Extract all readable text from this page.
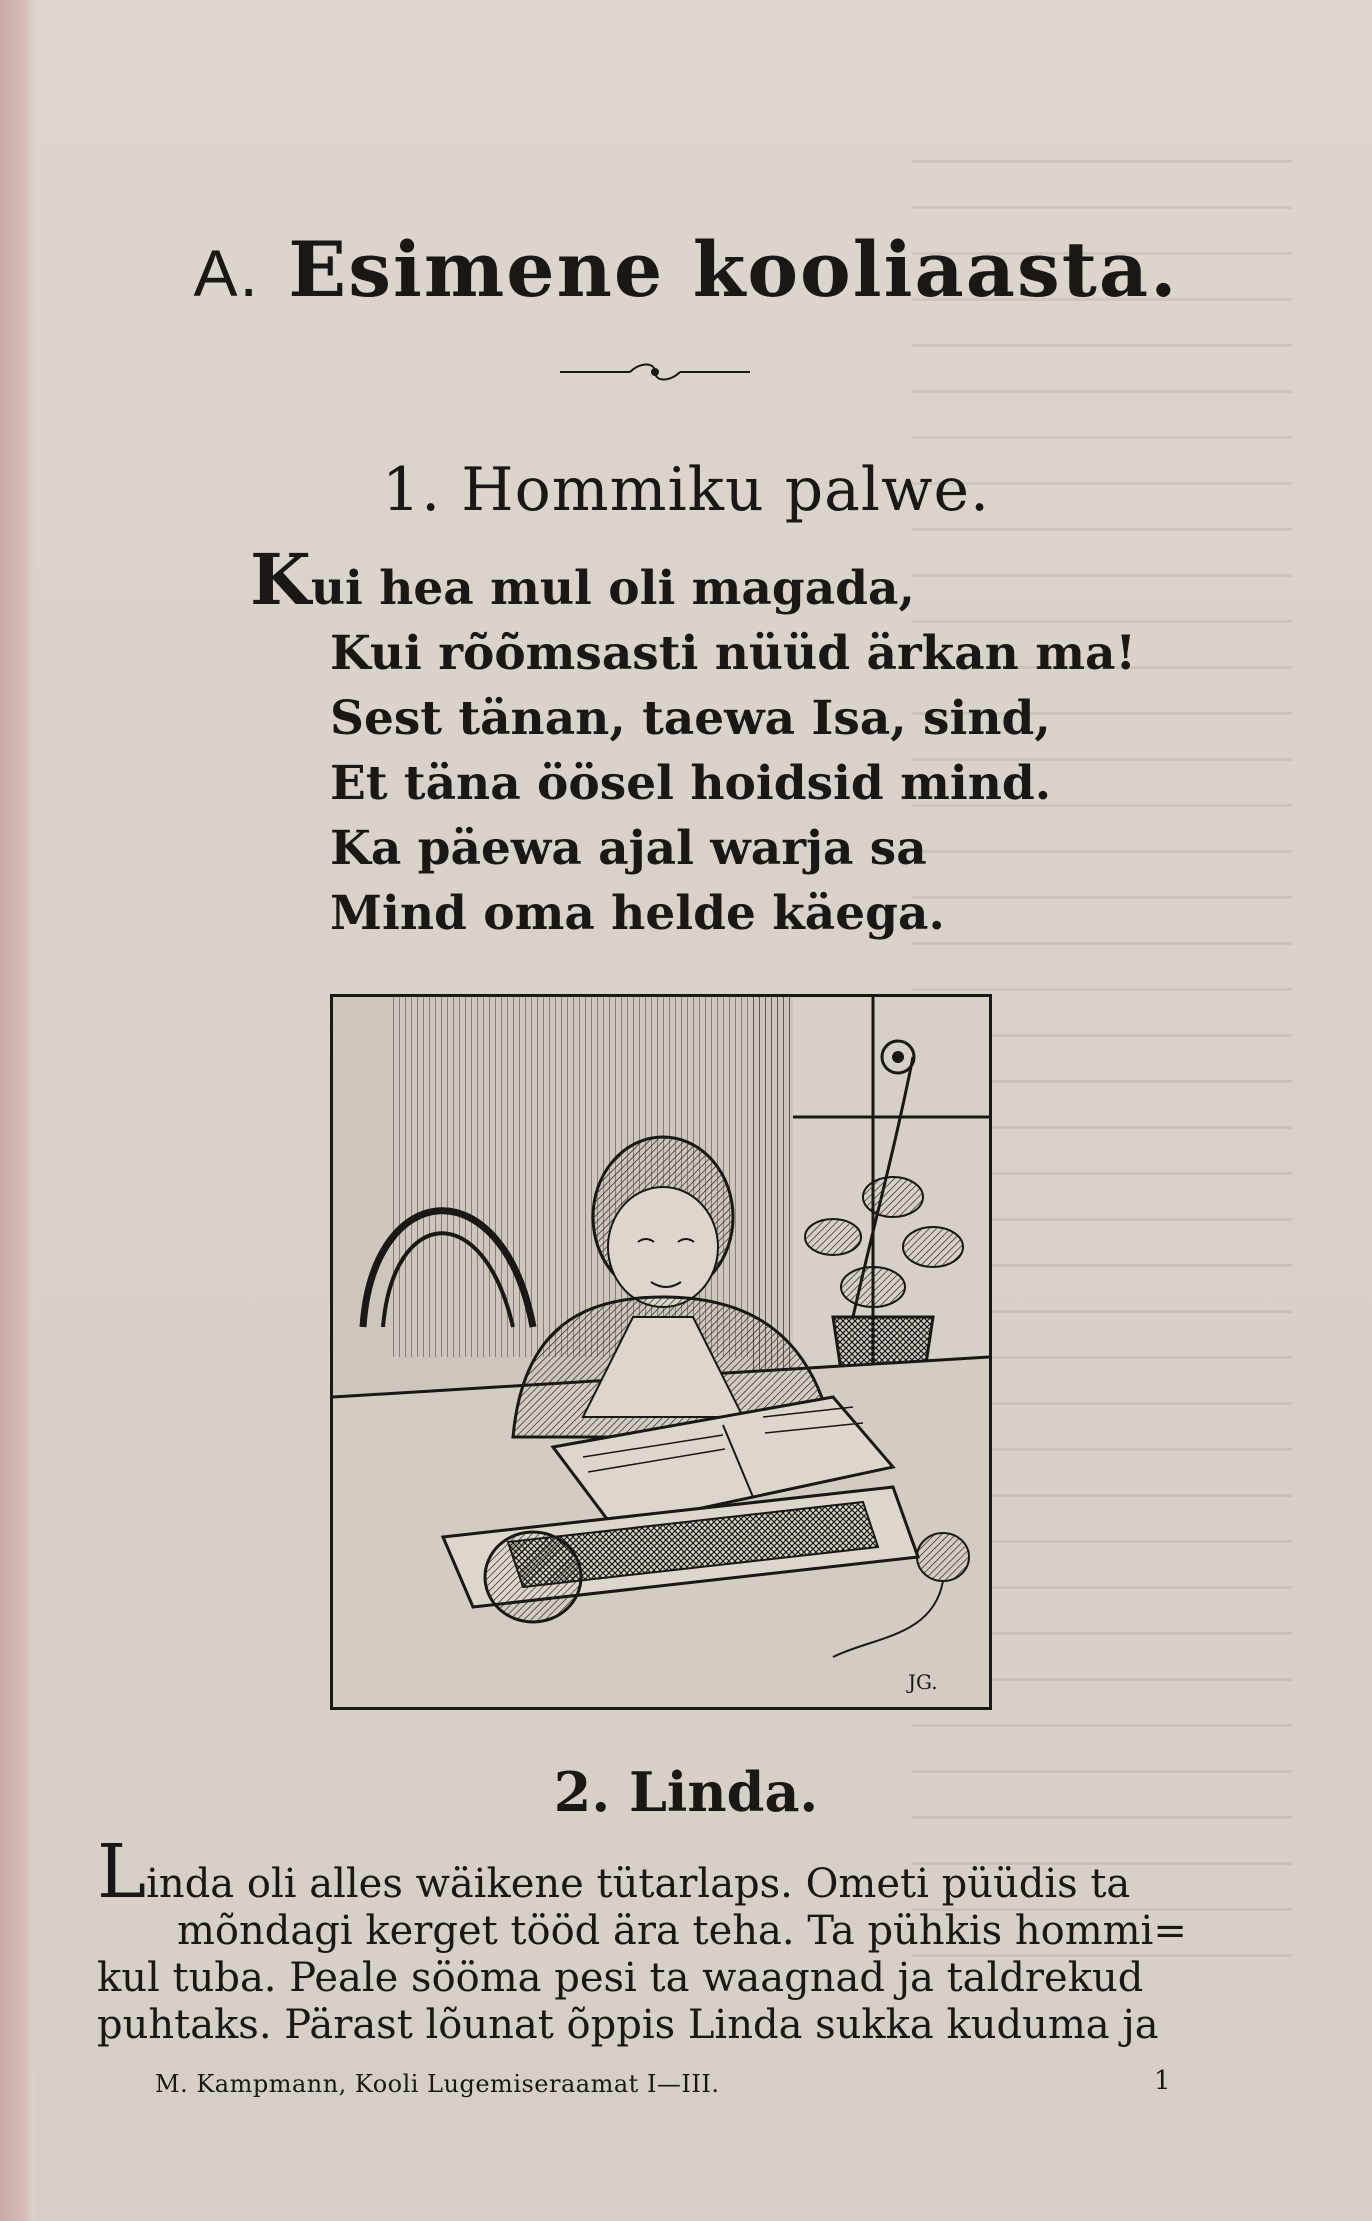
A. Esimene kooliaasta.
1. Hommiku palwe.
Kui hea mul oli magada,
Kui rõõmsasti nüüd ärkan ma!
Sest tänan, taewa Isa, sind,
Et täna öösel hoidsid mind.
Ka päewa ajal warja sa
Mind oma helde käega.
JG.
2. Linda.
Linda oli alles wäikene tütarlaps. Ometi püüdis ta
mõndagi kerget tööd ära teha. Ta pühkis hommi=
kul tuba. Peale sööma pesi ta waagnad ja taldrekud
puhtaks. Pärast lõunat õppis Linda sukka kuduma ja
M. Kampmann, Kooli Lugemiseraamat I—III.	1
